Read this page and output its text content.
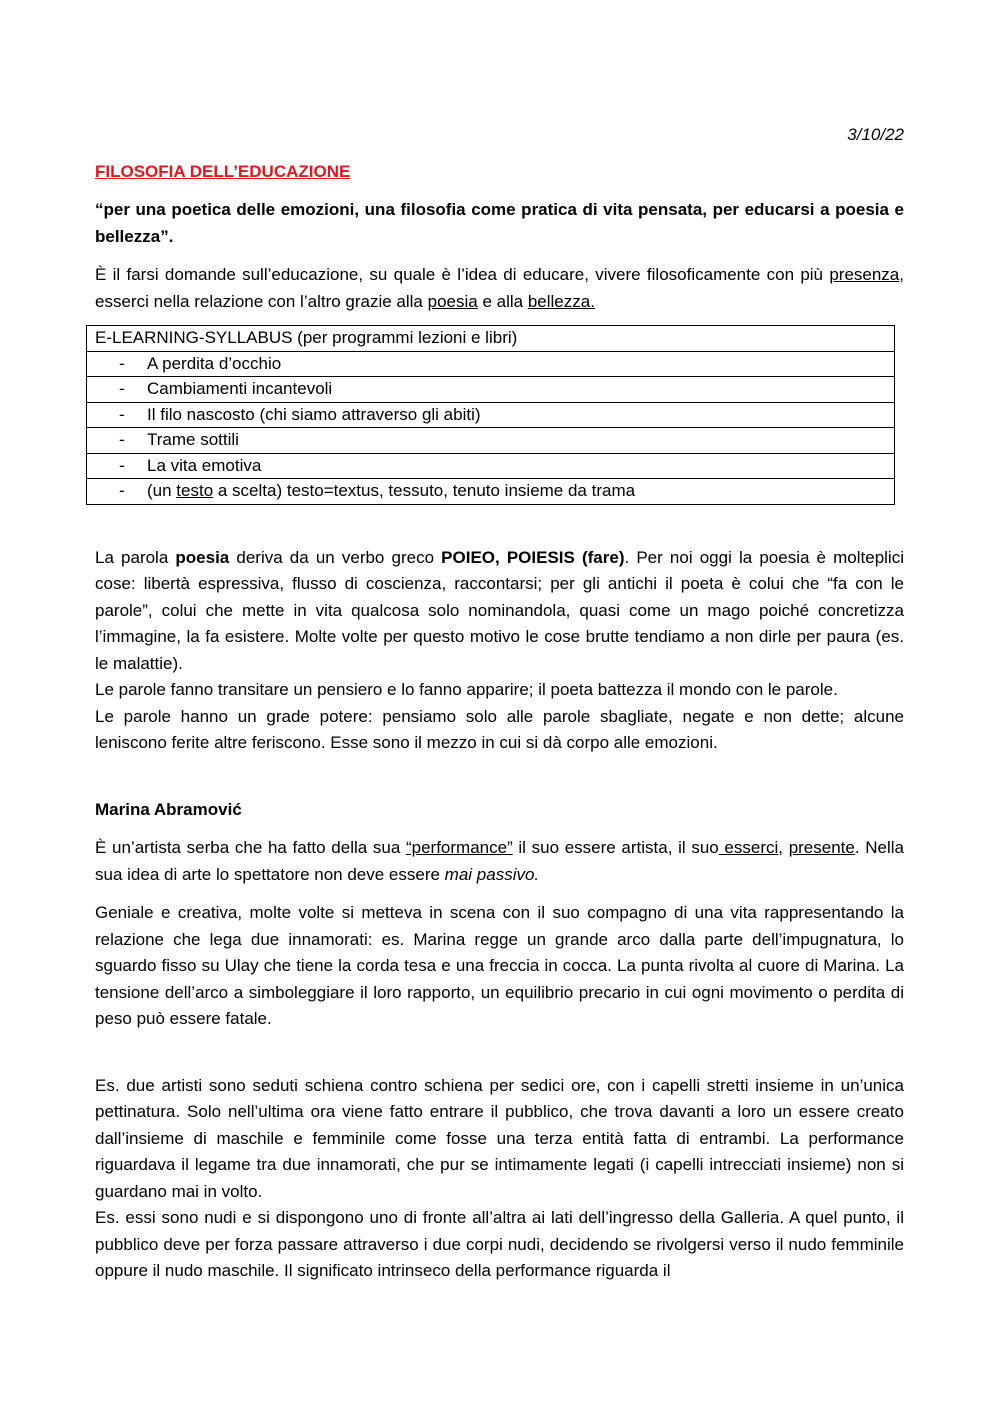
3/10/22

FILOSOFIA DELL’EDUCAZIONE

“per una poetica delle emozioni, una filosofia come pratica di vita pensata, per educarsi a poesia e bellezza”.

È il farsi domande sull’educazione, su quale è l’idea di educare, vivere filosoficamente con più presenza, esserci nella relazione con l’altro grazie alla poesia e alla bellezza.

E-LEARNING-SYLLABUS (per programmi lezioni e libri)
- A perdita d’occhio
- Cambiamenti incantevoli
- Il filo nascosto (chi siamo attraverso gli abiti)
- Trame sottili
- La vita emotiva
- (un testo a scelta) testo=textus, tessuto, tenuto insieme da trama

La parola poesia deriva da un verbo greco POIEO, POIESIS (fare). Per noi oggi la poesia è molteplici cose: libertà espressiva, flusso di coscienza, raccontarsi; per gli antichi il poeta è colui che “fa con le parole”, colui che mette in vita qualcosa solo nominandola, quasi come un mago poiché concretizza l’immagine, la fa esistere. Molte volte per questo motivo le cose brutte tendiamo a non dirle per paura (es. le malattie).

Le parole fanno transitare un pensiero e lo fanno apparire; il poeta battezza il mondo con le parole.

Le parole hanno un grade potere: pensiamo solo alle parole sbagliate, negate e non dette; alcune leniscono ferite altre feriscono. Esse sono il mezzo in cui si dà corpo alle emozioni.

Marina Abramović

È un’artista serba che ha fatto della sua “performance” il suo essere artista, il suo esserci, presente. Nella sua idea di arte lo spettatore non deve essere mai passivo.

Geniale e creativa, molte volte si metteva in scena con il suo compagno di una vita rappresentando la relazione che lega due innamorati: es. Marina regge un grande arco dalla parte dell’impugnatura, lo sguardo fisso su Ulay che tiene la corda tesa e una freccia in cocca. La punta rivolta al cuore di Marina. La tensione dell’arco a simboleggiare il loro rapporto, un equilibrio precario in cui ogni movimento o perdita di peso può essere fatale.

Es. due artisti sono seduti schiena contro schiena per sedici ore, con i capelli stretti insieme in un’unica pettinatura. Solo nell’ultima ora viene fatto entrare il pubblico, che trova davanti a loro un essere creato dall’insieme di maschile e femminile come fosse una terza entità fatta di entrambi. La performance riguardava il legame tra due innamorati, che pur se intimamente legati (i capelli intrecciati insieme) non si guardano mai in volto.

Es. essi sono nudi e si dispongono uno di fronte all’altra ai lati dell’ingresso della Galleria. A quel punto, il pubblico deve per forza passare attraverso i due corpi nudi, decidendo se rivolgersi verso il nudo femminile oppure il nudo maschile. Il significato intrinseco della performance riguarda il
